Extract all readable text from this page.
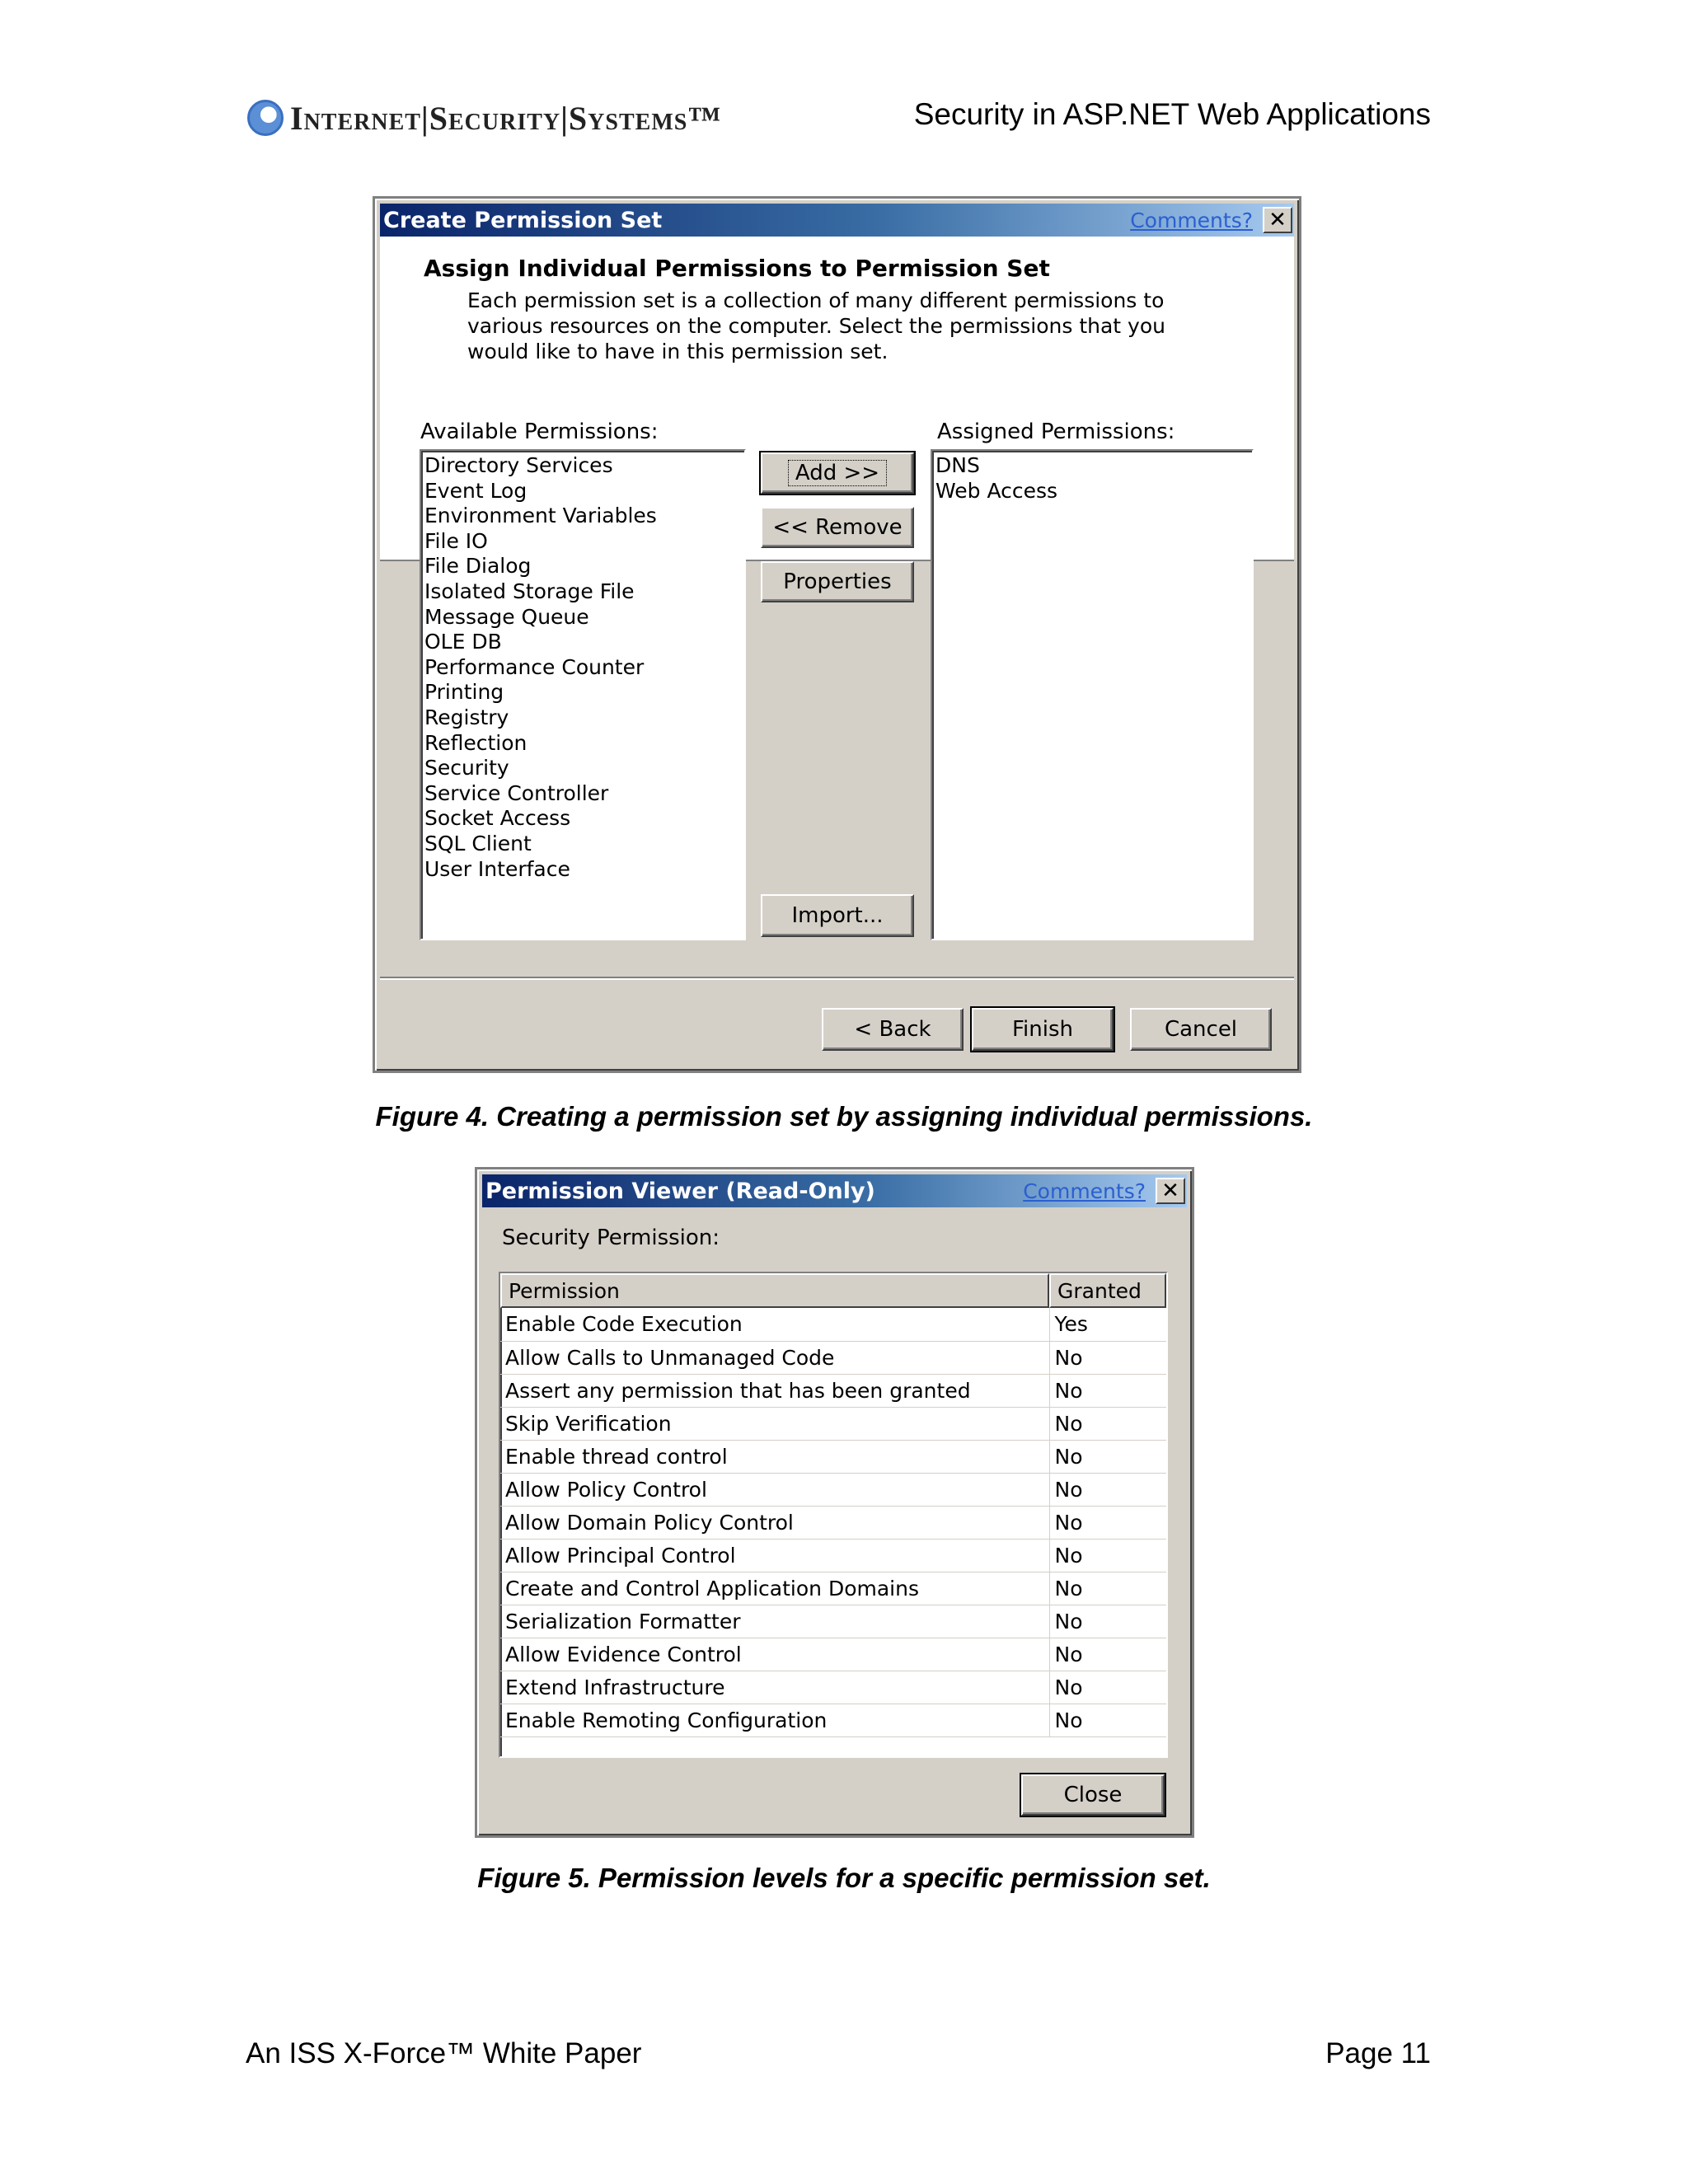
Internet|Security|Systems™	Security in ASP.NET Web Applications
Create Permission Set	Comments? ✕
Assign Individual Permissions to Permission Set
Each permission set is a collection of many different permissions to various resources on the computer. Select the permissions that you would like to have in this permission set.
Available Permissions:	Assigned Permissions:
Directory Services
Event Log
Environment Variables
File IO
File Dialog
Isolated Storage File
Message Queue
OLE DB
Performance Counter
Printing
Registry
Reflection
Security
Service Controller
Socket Access
SQL Client
User Interface
Add >>
<< Remove
Properties
Import...
DNS
Web Access
< Back	Finish	Cancel
Figure 4. Creating a permission set by assigning individual permissions.
Permission Viewer (Read-Only)	Comments? ✕
Security Permission:
Permission	Granted
Enable Code Execution	Yes
Allow Calls to Unmanaged Code	No
Assert any permission that has been granted	No
Skip Verification	No
Enable thread control	No
Allow Policy Control	No
Allow Domain Policy Control	No
Allow Principal Control	No
Create and Control Application Domains	No
Serialization Formatter	No
Allow Evidence Control	No
Extend Infrastructure	No
Enable Remoting Configuration	No
Close
Figure 5. Permission levels for a specific permission set.
An ISS X-Force™ White Paper	Page 11
